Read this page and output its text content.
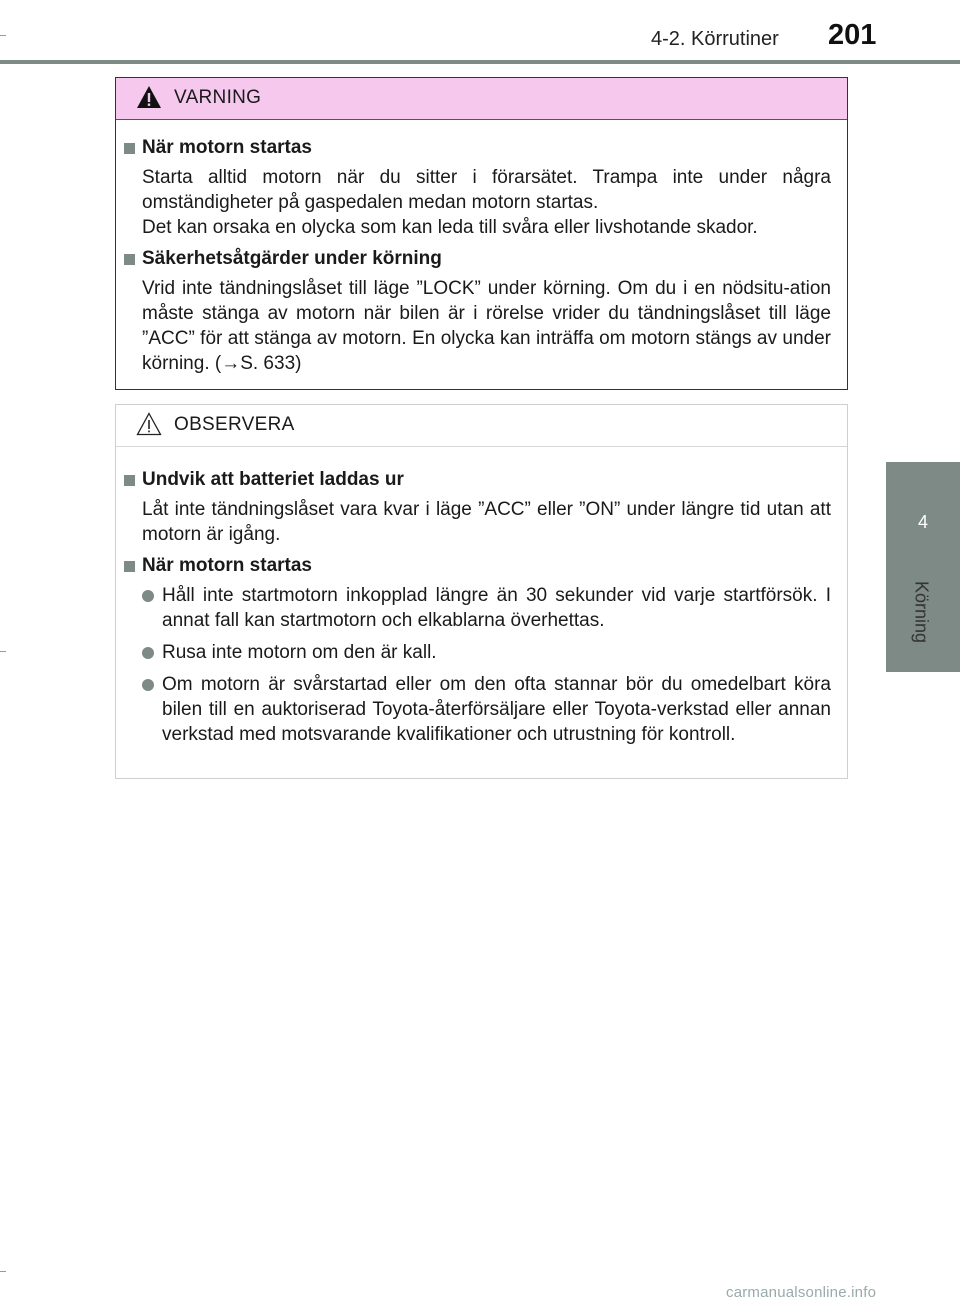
4-2. Körrutiner 201
4
Körning
VARNING
När motorn startas
Starta alltid motorn när du sitter i förarsätet. Trampa inte under några omständigheter på gaspedalen medan motorn startas.
Det kan orsaka en olycka som kan leda till svåra eller livshotande skador.
Säkerhetsåtgärder under körning
Vrid inte tändningslåset till läge ”LOCK” under körning. Om du i en nödsitu-ation måste stänga av motorn när bilen är i rörelse vrider du tändningslåset till läge ”ACC” för att stänga av motorn. En olycka kan inträffa om motorn stängs av under körning. (→S. 633)
OBSERVERA
Undvik att batteriet laddas ur
Låt inte tändningslåset vara kvar i läge ”ACC” eller ”ON” under längre tid utan att motorn är igång.
När motorn startas
Håll inte startmotorn inkopplad längre än 30 sekunder vid varje startförsök. I annat fall kan startmotorn och elkablarna överhettas.
Rusa inte motorn om den är kall.
Om motorn är svårstartad eller om den ofta stannar bör du omedelbart köra bilen till en auktoriserad Toyota-återförsäljare eller Toyota-verkstad eller annan verkstad med motsvarande kvalifikationer och utrustning för kontroll.
carmanualsonline.info
